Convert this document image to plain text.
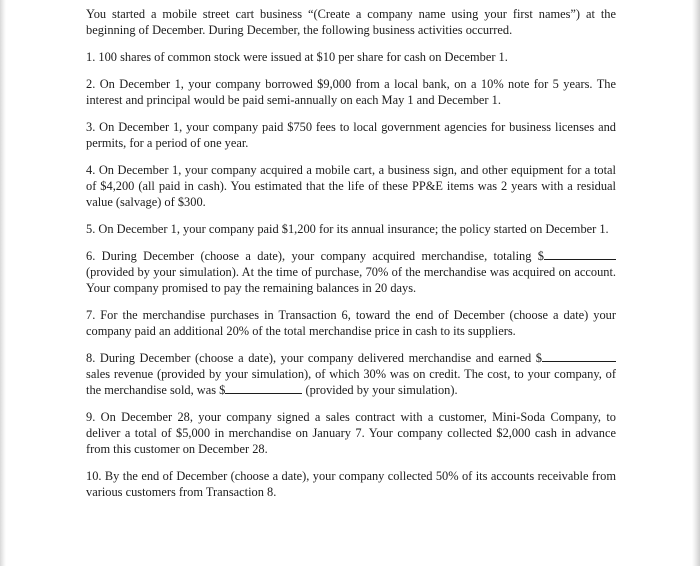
You started a mobile street cart business “(Create a company name using your first names”) at the beginning of December. During December, the following business activities occurred.

1. 100 shares of common stock were issued at $10 per share for cash on December 1.

2. On December 1, your company borrowed $9,000 from a local bank, on a 10% note for 5 years. The interest and principal would be paid semi-annually on each May 1 and December 1.

3. On December 1, your company paid $750 fees to local government agencies for business licenses and permits, for a period of one year.

4. On December 1, your company acquired a mobile cart, a business sign, and other equipment for a total of $4,200 (all paid in cash). You estimated that the life of these PP&E items was 2 years with a residual value (salvage) of $300.

5. On December 1, your company paid $1,200 for its annual insurance; the policy started on December 1.

6. During December (choose a date), your company acquired merchandise, totaling $ (provided by your simulation). At the time of purchase, 70% of the merchandise was acquired on account. Your company promised to pay the remaining balances in 20 days.

7. For the merchandise purchases in Transaction 6, toward the end of December (choose a date) your company paid an additional 20% of the total merchandise price in cash to its suppliers.

8. During December (choose a date), your company delivered merchandise and earned $ sales revenue (provided by your simulation), of which 30% was on credit. The cost, to your company, of the merchandise sold, was $	(provided by your simulation).

9. On December 28, your company signed a sales contract with a customer, Mini-Soda Company, to deliver a total of $5,000 in merchandise on January 7. Your company collected $2,000 cash in advance from this customer on December 28.

10. By the end of December (choose a date), your company collected 50% of its accounts receivable from various customers from Transaction 8.
